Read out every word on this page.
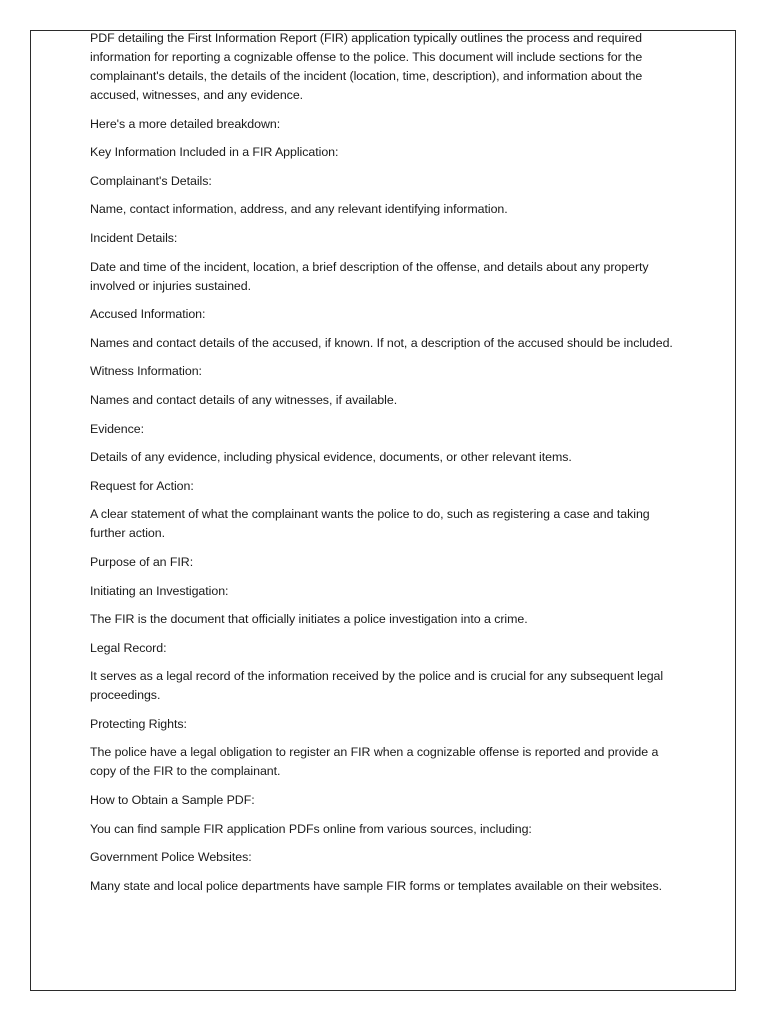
PDF detailing the First Information Report (FIR) application typically outlines the process and required information for reporting a cognizable offense to the police. This document will include sections for the complainant's details, the details of the incident (location, time, description), and information about the accused, witnesses, and any evidence.

Here's a more detailed breakdown:

Key Information Included in a FIR Application:

Complainant's Details:

Name, contact information, address, and any relevant identifying information.

Incident Details:

Date and time of the incident, location, a brief description of the offense, and details about any property involved or injuries sustained.

Accused Information:

Names and contact details of the accused, if known. If not, a description of the accused should be included.

Witness Information:

Names and contact details of any witnesses, if available.

Evidence:

Details of any evidence, including physical evidence, documents, or other relevant items.

Request for Action:

A clear statement of what the complainant wants the police to do, such as registering a case and taking further action.

Purpose of an FIR:

Initiating an Investigation:

The FIR is the document that officially initiates a police investigation into a crime.

Legal Record:

It serves as a legal record of the information received by the police and is crucial for any subsequent legal proceedings.

Protecting Rights:

The police have a legal obligation to register an FIR when a cognizable offense is reported and provide a copy of the FIR to the complainant.

How to Obtain a Sample PDF:

You can find sample FIR application PDFs online from various sources, including:

Government Police Websites:

Many state and local police departments have sample FIR forms or templates available on their websites.
